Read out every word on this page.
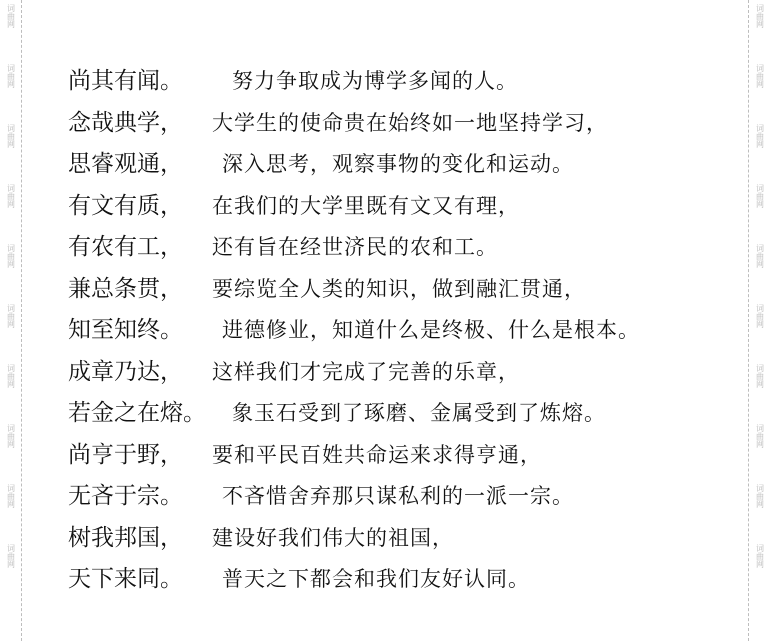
词曲网
词曲网
词曲网
词曲网
词曲网
词曲网
词曲网
词曲网
词曲网
词曲网
词曲网
词曲网
词曲网
词曲网
词曲网
词曲网
词曲网
词曲网
词曲网
词曲网
尚其有闻。	努力争取成为博学多闻的人。
念哉典学，	大学生的使命贵在始终如一地坚持学习，
思睿观通，	深入思考，观察事物的变化和运动。
有文有质，	在我们的大学里既有文又有理，
有农有工，	还有旨在经世济民的农和工。
兼总条贯，	要综览全人类的知识，做到融汇贯通，
知至知终。	进德修业，知道什么是终极、什么是根本。
成章乃达，	这样我们才完成了完善的乐章，
若金之在熔。 象玉石受到了琢磨、金属受到了炼熔。
尚亨于野，	要和平民百姓共命运来求得亨通，
无吝于宗。	不吝惜舍弃那只谋私利的一派一宗。
树我邦国，	建设好我们伟大的祖国，
天下来同。	普天之下都会和我们友好认同。
